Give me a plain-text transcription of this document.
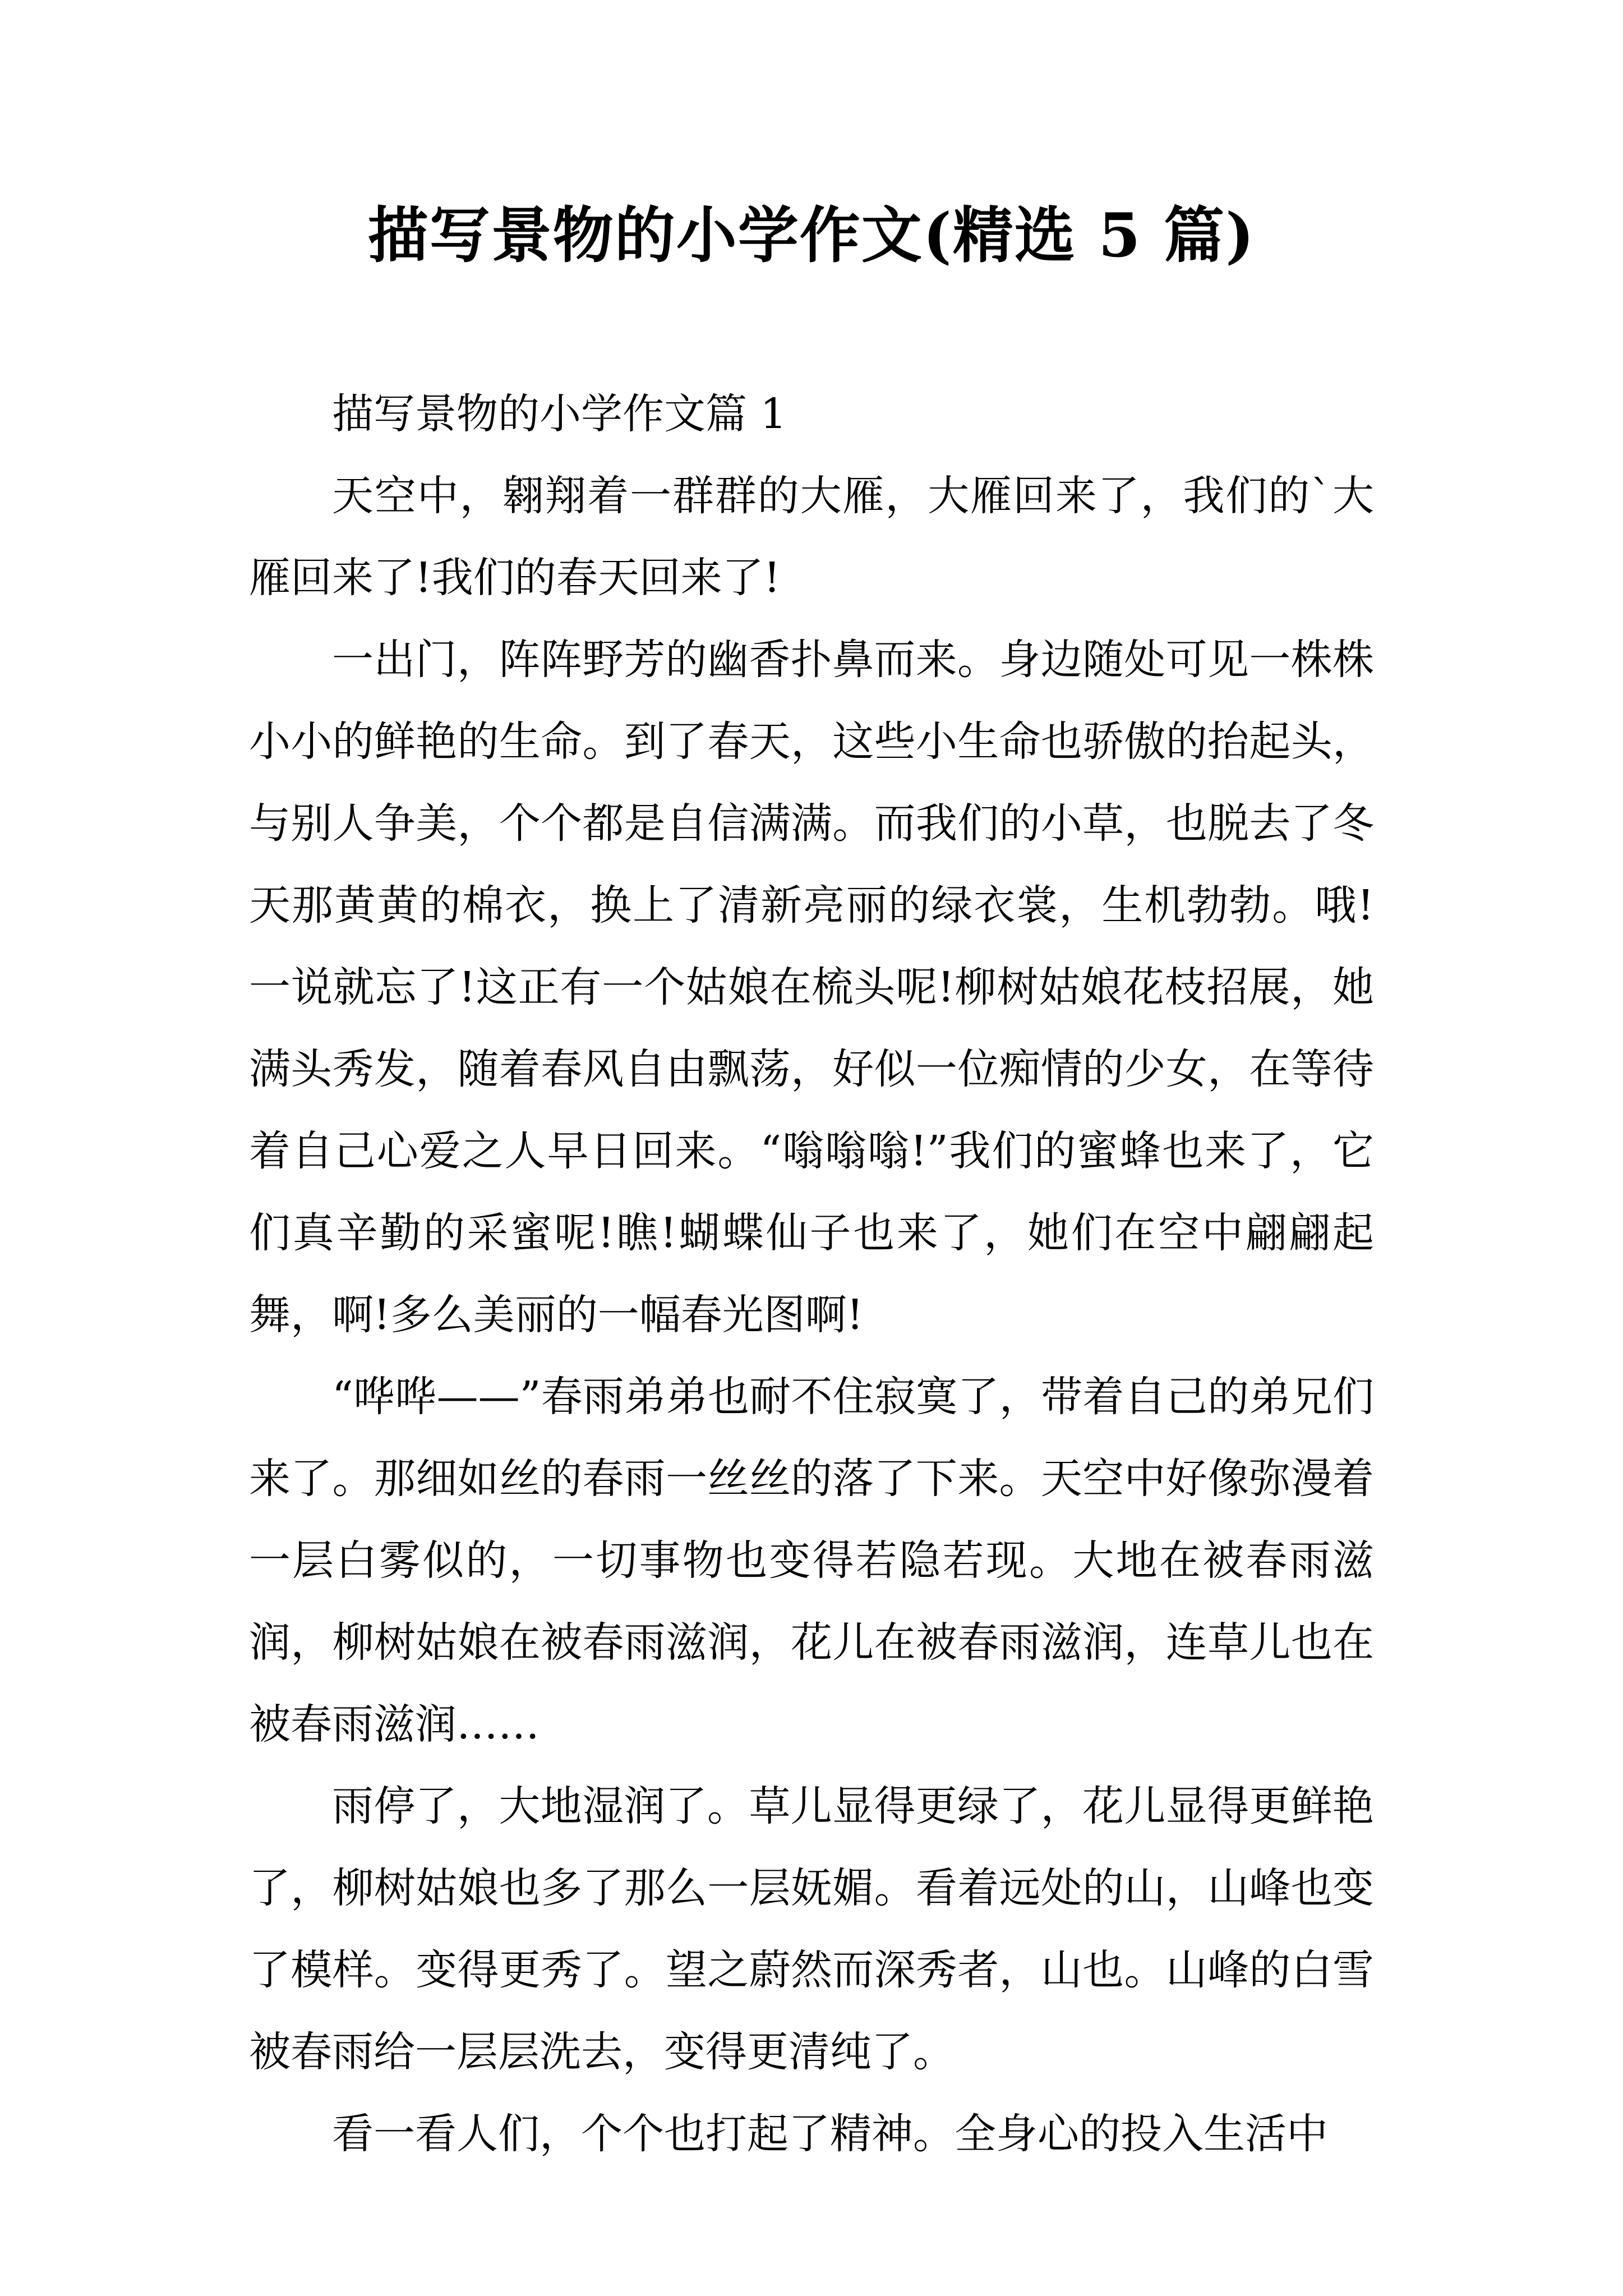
描写景物的小学作文(精选 5 篇)

描写景物的小学作文篇 1

天空中，翱翔着一群群的大雁，大雁回来了，我们的`大雁回来了!我们的春天回来了!

一出门，阵阵野芳的幽香扑鼻而来。身边随处可见一株株小小的鲜艳的生命。到了春天，这些小生命也骄傲的抬起头，与别人争美，个个都是自信满满。而我们的小草，也脱去了冬天那黄黄的棉衣，换上了清新亮丽的绿衣裳，生机勃勃。哦!一说就忘了!这正有一个姑娘在梳头呢!柳树姑娘花枝招展，她满头秀发，随着春风自由飘荡，好似一位痴情的少女，在等待着自己心爱之人早日回来。“嗡嗡嗡!”我们的蜜蜂也来了，它们真辛勤的采蜜呢!瞧!蝴蝶仙子也来了，她们在空中翩翩起舞，啊!多么美丽的一幅春光图啊!

“哗哗——”春雨弟弟也耐不住寂寞了，带着自己的弟兄们来了。那细如丝的春雨一丝丝的落了下来。天空中好像弥漫着一层白雾似的，一切事物也变得若隐若现。大地在被春雨滋润，柳树姑娘在被春雨滋润，花儿在被春雨滋润，连草儿也在被春雨滋润……

雨停了，大地湿润了。草儿显得更绿了，花儿显得更鲜艳了，柳树姑娘也多了那么一层妩媚。看着远处的山，山峰也变了模样。变得更秀了。望之蔚然而深秀者，山也。山峰的白雪被春雨给一层层洗去，变得更清纯了。

看一看人们，个个也打起了精神。全身心的投入生活中
